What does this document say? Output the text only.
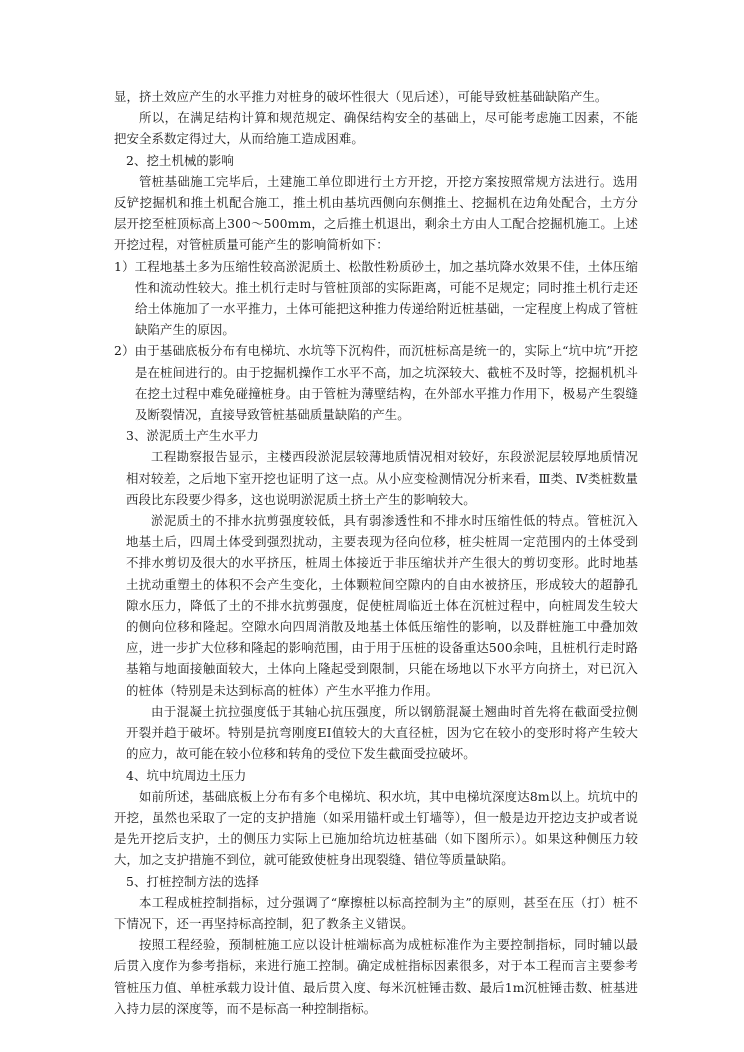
显，挤土效应产生的水平推力对桩身的破坏性很大（见后述），可能导致桩基础缺陷产生。

所以，在满足结构计算和规范规定、确保结构安全的基础上，尽可能考虑施工因素，不能把安全系数定得过大，从而给施工造成困难。

2、挖土机械的影响

管桩基础施工完毕后，土建施工单位即进行土方开挖，开挖方案按照常规方法进行。选用反铲挖掘机和推土机配合施工，推土机由基坑西侧向东侧推土、挖掘机在边角处配合，土方分层开挖至桩顶标高上300～500mm，之后推土机退出，剩余土方由人工配合挖掘机施工。上述开挖过程，对管桩质量可能产生的影响简析如下：

1）工程地基土多为压缩性较高淤泥质土、松散性粉质砂土，加之基坑降水效果不佳，土体压缩性和流动性较大。推土机行走时与管桩顶部的实际距离，可能不足规定；同时推土机行走还给土体施加了一水平推力，土体可能把这种推力传递给附近桩基础，一定程度上构成了管桩缺陷产生的原因。

2）由于基础底板分布有电梯坑、水坑等下沉构件，而沉桩标高是统一的，实际上“坑中坑”开挖是在桩间进行的。由于挖掘机操作工水平不高，加之坑深较大、截桩不及时等，挖掘机机斗在挖土过程中难免碰撞桩身。由于管桩为薄壁结构，在外部水平推力作用下，极易产生裂缝及断裂情况，直接导致管桩基础质量缺陷的产生。

3、淤泥质土产生水平力

工程勘察报告显示，主楼西段淤泥层较薄地质情况相对较好，东段淤泥层较厚地质情况相对较差，之后地下室开挖也证明了这一点。从小应变检测情况分析来看，Ⅲ类、Ⅳ类桩数量西段比东段要少得多，这也说明淤泥质土挤土产生的影响较大。

淤泥质土的不排水抗剪强度较低，具有弱渗透性和不排水时压缩性低的特点。管桩沉入地基土后，四周土体受到强烈扰动，主要表现为径向位移，桩尖桩周一定范围内的土体受到不排水剪切及很大的水平挤压，桩周土体接近于非压缩状并产生很大的剪切变形。此时地基土扰动重塑土的体积不会产生变化，土体颗粒间空隙内的自由水被挤压，形成较大的超静孔隙水压力，降低了土的不排水抗剪强度，促使桩周临近土体在沉桩过程中，向桩周发生较大的侧向位移和隆起。空隙水向四周消散及地基土体低压缩性的影响，以及群桩施工中叠加效应，进一步扩大位移和隆起的影响范围，由于用于压桩的设备重达500余吨，且桩机行走时路基箱与地面接触面较大，土体向上隆起受到限制，只能在场地以下水平方向挤土，对已沉入的桩体（特别是未达到标高的桩体）产生水平推力作用。

由于混凝土抗拉强度低于其轴心抗压强度，所以钢筋混凝土翘曲时首先将在截面受拉侧开裂并趋于破坏。特别是抗弯刚度EI值较大的大直径桩，因为它在较小的变形时将产生较大的应力，故可能在较小位移和转角的受位下发生截面受拉破坏。

4、坑中坑周边土压力

如前所述，基础底板上分布有多个电梯坑、积水坑，其中电梯坑深度达8m以上。坑坑中的开挖，虽然也采取了一定的支护措施（如采用锚杆或土钉墙等），但一般是边开挖边支护或者说是先开挖后支护，土的侧压力实际上已施加给坑边桩基础（如下图所示）。如果这种侧压力较大，加之支护措施不到位，就可能致使桩身出现裂缝、错位等质量缺陷。

5、打桩控制方法的选择

本工程成桩控制指标，过分强调了“摩擦桩以标高控制为主”的原则，甚至在压（打）桩不下情况下，还一再坚持标高控制，犯了教条主义错误。

按照工程经验，预制桩施工应以设计桩端标高为成桩标准作为主要控制指标，同时辅以最后贯入度作为参考指标，来进行施工控制。确定成桩指标因素很多，对于本工程而言主要参考管桩压力值、单桩承载力设计值、最后贯入度、每米沉桩锤击数、最后1m沉桩锤击数、桩基进入持力层的深度等，而不是标高一种控制指标。
